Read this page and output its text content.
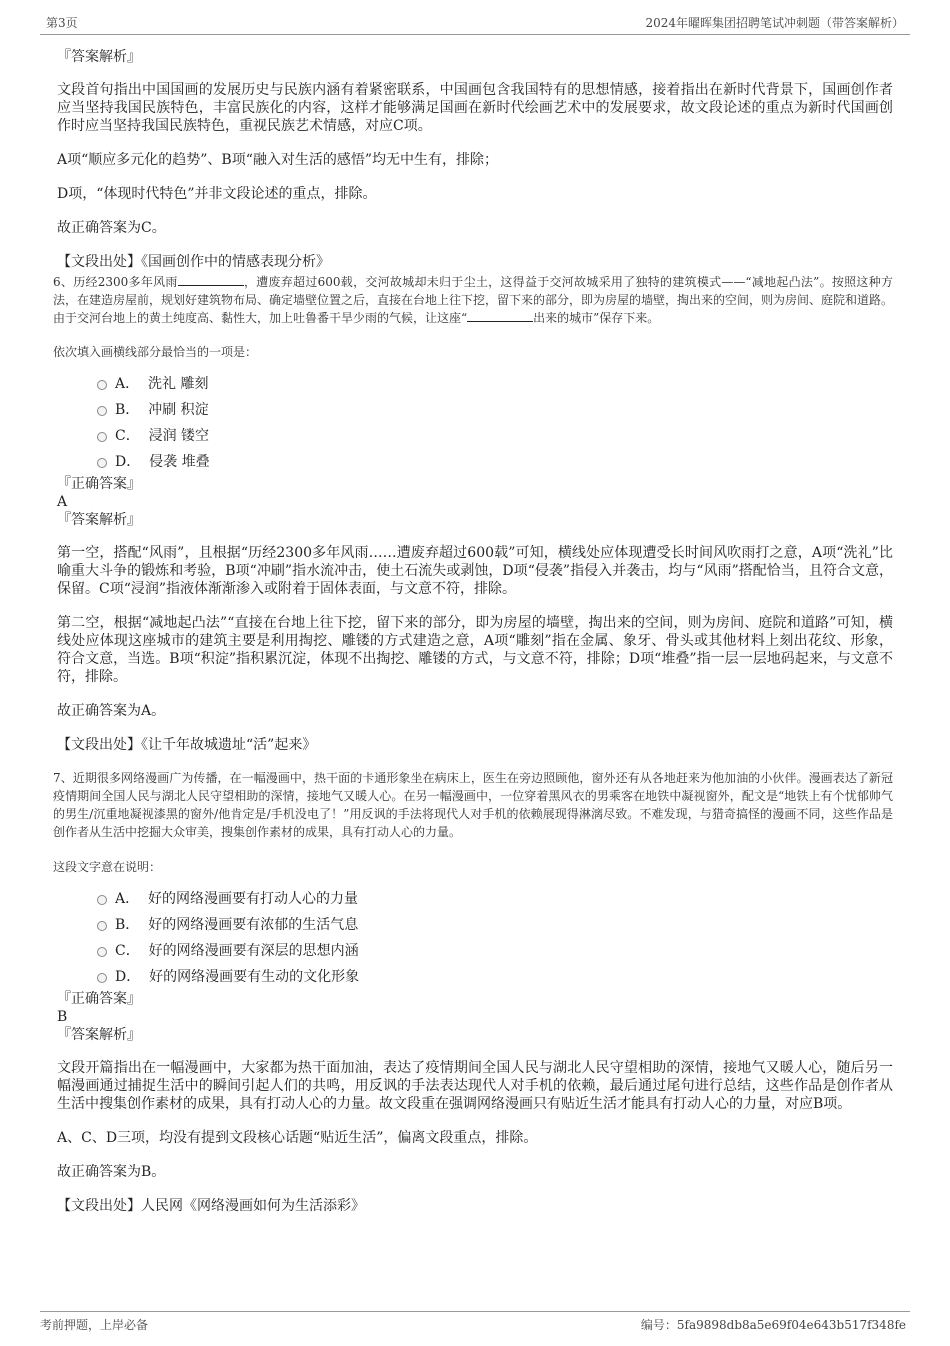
第3页	2024年曜晖集团招聘笔试冲刺题（带答案解析）

『答案解析』

文段首句指出中国国画的发展历史与民族内涵有着紧密联系，中国画包含我国特有的思想情感，接着指出在新时代背景下，国画创作者应当坚持我国民族特色，丰富民族化的内容，这样才能够满足国画在新时代绘画艺术中的发展要求，故文段论述的重点为新时代国画创作时应当坚持我国民族特色，重视民族艺术情感，对应C项。

A项“顺应多元化的趋势”、B项“融入对生活的感悟”均无中生有，排除；

D项，“体现时代特色”并非文段论述的重点，排除。

故正确答案为C。

【文段出处】《国画创作中的情感表现分析》

6、历经2300多年风雨	，遭废弃超过600载，交河故城却未归于尘土，这得益于交河故城采用了独特的建筑模式——“减地起凸法”。按照这种方法，在建造房屋前，规划好建筑物布局、确定墙壁位置之后，直接在台地上往下挖，留下来的部分，即为房屋的墙壁，掏出来的空间，则为房间、庭院和道路。由于交河台地上的黄土纯度高、黏性大，加上吐鲁番干旱少雨的气候，让这座“	出来的城市”保存下来。

依次填入画横线部分最恰当的一项是：

A．  洗礼 雕刻
B．  冲刷 积淀
C．  浸润 镂空
D．  侵袭 堆叠

『正确答案』

A

『答案解析』

第一空，搭配“风雨”，且根据“历经2300多年风雨……遭废弃超过600载”可知，横线处应体现遭受长时间风吹雨打之意，A项“洗礼”比喻重大斗争的锻炼和考验，B项“冲刷”指水流冲击，使土石流失或剥蚀，D项“侵袭”指侵入并袭击，均与“风雨”搭配恰当，且符合文意，保留。C项“浸润”指液体渐渐渗入或附着于固体表面，与文意不符，排除。

第二空，根据“减地起凸法”“直接在台地上往下挖，留下来的部分，即为房屋的墙壁，掏出来的空间，则为房间、庭院和道路”可知，横线处应体现这座城市的建筑主要是利用掏挖、雕镂的方式建造之意，A项“雕刻”指在金属、象牙、骨头或其他材料上刻出花纹、形象，符合文意，当选。B项“积淀”指积累沉淀，体现不出掏挖、雕镂的方式，与文意不符，排除；D项“堆叠”指一层一层地码起来，与文意不符，排除。

故正确答案为A。

【文段出处】《让千年故城遗址“活”起来》

7、近期很多网络漫画广为传播，在一幅漫画中，热干面的卡通形象坐在病床上，医生在旁边照顾他，窗外还有从各地赶来为他加油的小伙伴。漫画表达了新冠疫情期间全国人民与湖北人民守望相助的深情，接地气又暖人心。在另一幅漫画中，一位穿着黑风衣的男乘客在地铁中凝视窗外，配文是“地铁上有个忧郁帅气的男生/沉重地凝视漆黑的窗外/他肯定是/手机没电了！”用反讽的手法将现代人对手机的依赖展现得淋漓尽致。不难发现，与猎奇搞怪的漫画不同，这些作品是创作者从生活中挖掘大众审美，搜集创作素材的成果，具有打动人心的力量。

这段文字意在说明：

A．  好的网络漫画要有打动人心的力量
B．  好的网络漫画要有浓郁的生活气息
C．  好的网络漫画要有深层的思想内涵
D．  好的网络漫画要有生动的文化形象

『正确答案』

B

『答案解析』

文段开篇指出在一幅漫画中，大家都为热干面加油，表达了疫情期间全国人民与湖北人民守望相助的深情，接地气又暖人心，随后另一幅漫画通过捕捉生活中的瞬间引起人们的共鸣，用反讽的手法表达现代人对手机的依赖，最后通过尾句进行总结，这些作品是创作者从生活中搜集创作素材的成果，具有打动人心的力量。故文段重在强调网络漫画只有贴近生活才能具有打动人心的力量，对应B项。

A、C、D三项，均没有提到文段核心话题“贴近生活”，偏离文段重点，排除。

故正确答案为B。

【文段出处】人民网《网络漫画如何为生活添彩》

考前押题，上岸必备	编号：5fa9898db8a5e69f04e643b517f348fe
